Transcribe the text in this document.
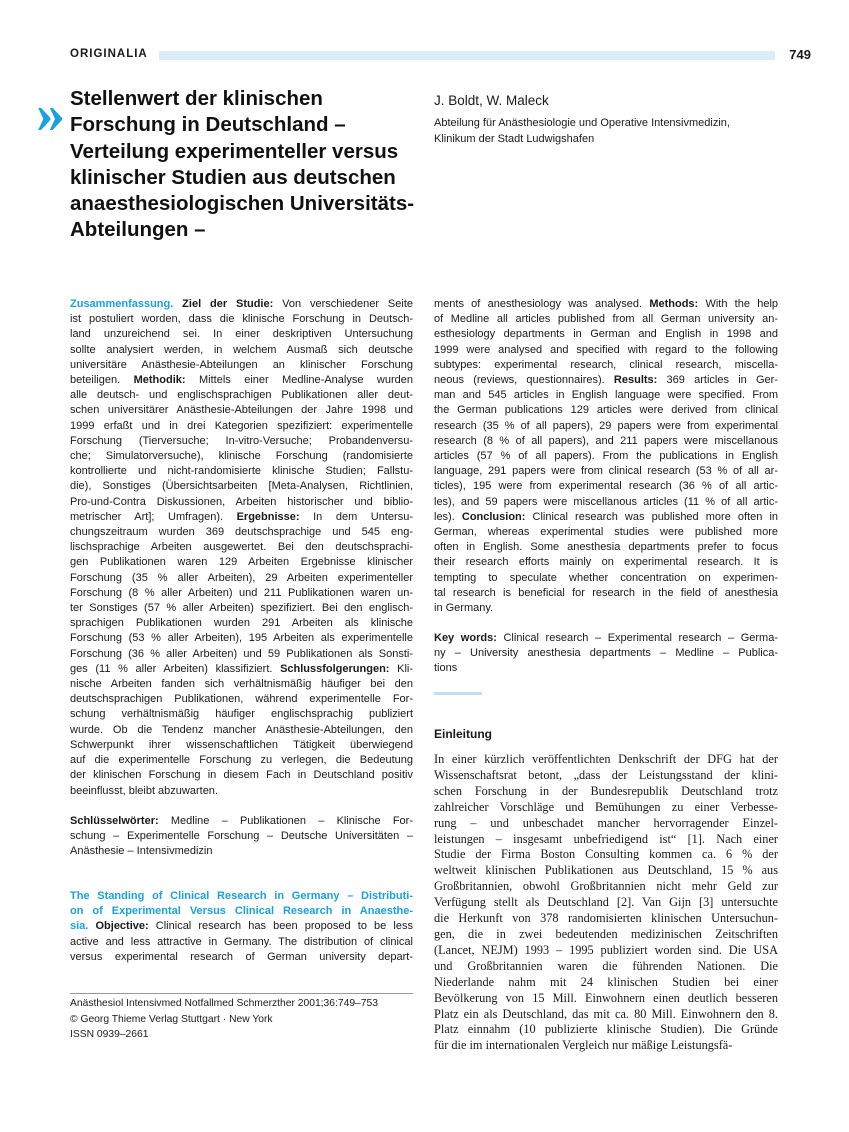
ORIGINALIA	749
» Stellenwert der klinischen
Forschung in Deutschland –
Verteilung experimenteller versus
klinischer Studien aus deutschen
anaesthesiologischen Universitäts-
Abteilungen –
J. Boldt, W. Maleck
Abteilung für Anästhesiologie und Operative Intensivmedizin,
Klinikum der Stadt Ludwigshafen
Zusammenfassung. Ziel der Studie: Von verschiedener Seite
ist postuliert worden, dass die klinische Forschung in Deutsch-
land unzureichend sei. In einer deskriptiven Untersuchung
sollte analysiert werden, in welchem Ausmaß sich deutsche
universitäre Anästhesie-Abteilungen an klinischer Forschung
beteiligen. Methodik: Mittels einer Medline-Analyse wurden
alle deutsch- und englischsprachigen Publikationen aller deut-
schen universitärer Anästhesie-Abteilungen der Jahre 1998 und
1999 erfaßt und in drei Kategorien spezifiziert: experimentelle
Forschung (Tierversuche; In-vitro-Versuche; Probandenversu-
che; Simulatorversuche), klinische Forschung (randomisierte
kontrollierte und nicht-randomisierte klinische Studien; Fallstu-
die), Sonstiges (Übersichtsarbeiten [Meta-Analysen, Richtlinien,
Pro-und-Contra Diskussionen, Arbeiten historischer und biblio-
metrischer Art]; Umfragen). Ergebnisse: In dem Untersu-
chungszeitraum wurden 369 deutschsprachige und 545 eng-
lischsprachige Arbeiten ausgewertet. Bei den deutschsprachi-
gen Publikationen waren 129 Arbeiten Ergebnisse klinischer
Forschung (35 % aller Arbeiten), 29 Arbeiten experimenteller
Forschung (8 % aller Arbeiten) und 211 Publikationen waren un-
ter Sonstiges (57 % aller Arbeiten) spezifiziert. Bei den englisch-
sprachigen Publikationen wurden 291 Arbeiten als klinische
Forschung (53 % aller Arbeiten), 195 Arbeiten als experimentelle
Forschung (36 % aller Arbeiten) und 59 Publikationen als Sonsti-
ges (11 % aller Arbeiten) klassifiziert. Schlussfolgerungen: Kli-
nische Arbeiten fanden sich verhältnismäßig häufiger bei den
deutschsprachigen Publikationen, während experimentelle For-
schung verhältnismäßig häufiger englischsprachig publiziert
wurde. Ob die Tendenz mancher Anästhesie-Abteilungen, den
Schwerpunkt ihrer wissenschaftlichen Tätigkeit überwiegend
auf die experimentelle Forschung zu verlegen, die Bedeutung
der klinischen Forschung in diesem Fach in Deutschland positiv
beeinflusst, bleibt abzuwarten.
Schlüsselwörter: Medline – Publikationen – Klinische For-
schung – Experimentelle Forschung – Deutsche Universitäten –
Anästhesie – Intensivmedizin
The Standing of Clinical Research in Germany – Distributi-
on of Experimental Versus Clinical Research in Anaesthe-
sia. Objective: Clinical research has been proposed to be less
active and less attractive in Germany. The distribution of clinical
versus experimental research of German university depart-
Anästhesiol Intensivmed Notfallmed Schmerzther 2001;36:749–753
© Georg Thieme Verlag Stuttgart · New York
ISSN 0939–2661
ments of anesthesiology was analysed. Methods: With the help
of Medline all articles published from all German university an-
esthesiology departments in German and English in 1998 and
1999 were analysed and specified with regard to the following
subtypes: experimental research, clinical research, miscella-
neous (reviews, questionnaires). Results: 369 articles in Ger-
man and 545 articles in English language were specified. From
the German publications 129 articles were derived from clinical
research (35 % of all papers), 29 papers were from experimental
research (8 % of all papers), and 211 papers were miscellanous
articles (57 % of all papers). From the publications in English
language, 291 papers were from clinical research (53 % of all ar-
ticles), 195 were from experimental research (36 % of all artic-
les), and 59 papers were miscellanous articles (11 % of all artic-
les). Conclusion: Clinical research was published more often in
German, whereas experimental studies were published more
often in English. Some anesthesia departments prefer to focus
their research efforts mainly on experimental research. It is
tempting to speculate whether concentration on experimen-
tal research is beneficial for research in the field of anesthesia
in Germany.
Key words: Clinical research – Experimental research – Germa-
ny – University anesthesia departments – Medline – Publica-
tions
Einleitung
In einer kürzlich veröffentlichten Denkschrift der DFG hat der
Wissenschaftsrat betont, „dass der Leistungsstand der klini-
schen Forschung in der Bundesrepublik Deutschland trotz
zahlreicher Vorschläge und Bemühungen zu einer Verbesse-
rung – und unbeschadet mancher hervorragender Einzel-
leistungen – insgesamt unbefriedigend ist“ [1]. Nach einer
Studie der Firma Boston Consulting kommen ca. 6 % der
weltweit klinischen Publikationen aus Deutschland, 15 % aus
Großbritannien, obwohl Großbritannien nicht mehr Geld zur
Verfügung stellt als Deutschland [2]. Van Gijn [3] untersuchte
die Herkunft von 378 randomisierten klinischen Untersuchun-
gen, die in zwei bedeutenden medizinischen Zeitschriften
(Lancet, NEJM) 1993 – 1995 publiziert worden sind. Die USA
und Großbritannien waren die führenden Nationen. Die
Niederlande nahm mit 24 klinischen Studien bei einer
Bevölkerung von 15 Mill. Einwohnern einen deutlich besseren
Platz ein als Deutschland, das mit ca. 80 Mill. Einwohnern den 8.
Platz einnahm (10 publizierte klinische Studien). Die Gründe
für die im internationalen Vergleich nur mäßige Leistungsfä-
